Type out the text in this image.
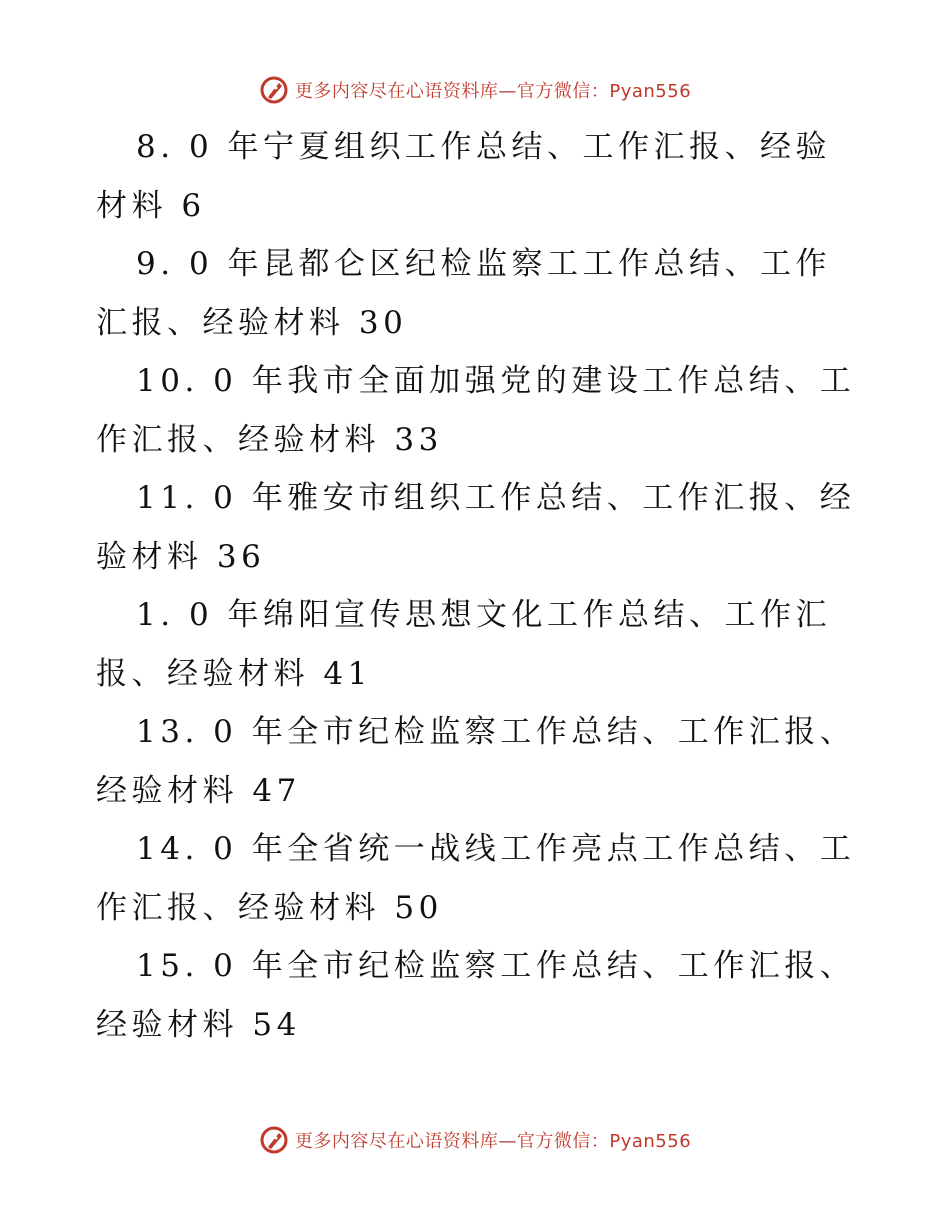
更多内容尽在心语资料库—官方微信：Pyan556
8. 0 年宁夏组织工作总结、工作汇报、经验材料 6
9. 0 年昆都仑区纪检监察工工作总结、工作汇报、经验材料 30
10. 0 年我市全面加强党的建设工作总结、工作汇报、经验材料 33
11. 0 年雅安市组织工作总结、工作汇报、经验材料 36
1. 0 年绵阳宣传思想文化工作总结、工作汇报、经验材料 41
13. 0 年全市纪检监察工作总结、工作汇报、经验材料 47
14. 0 年全省统一战线工作亮点工作总结、工作汇报、经验材料 50
15. 0 年全市纪检监察工作总结、工作汇报、经验材料 54
更多内容尽在心语资料库—官方微信：Pyan556
